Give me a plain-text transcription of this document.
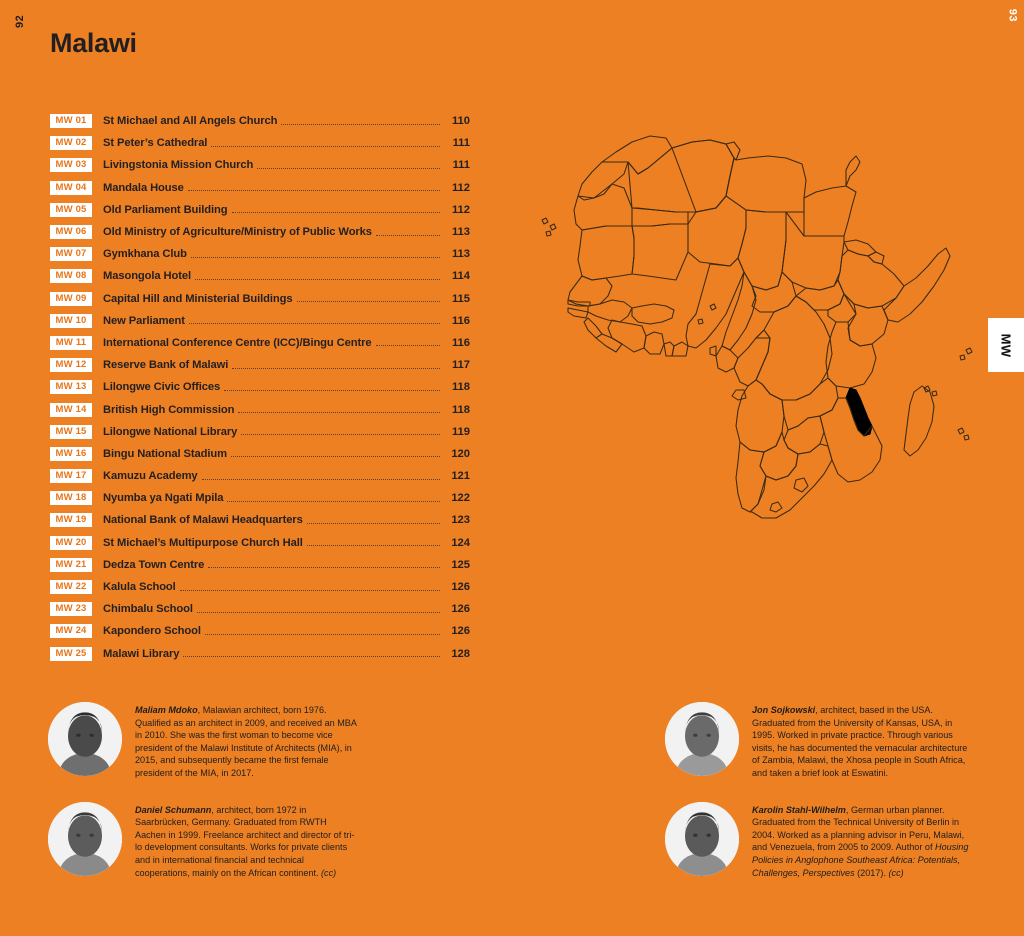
92	93
Malawi
MW 01	St Michael and All Angels Church	110
MW 02	St Peter’s Cathedral	111
MW 03	Livingstonia Mission Church	111
MW 04	Mandala House	112
MW 05	Old Parliament Building	112
MW 06	Old Ministry of Agriculture/Ministry of Public Works	113
MW 07	Gymkhana Club	113
MW 08	Masongola Hotel	114
MW 09	Capital Hill and Ministerial Buildings	115
MW 10	New Parliament	116
MW 11	International Conference Centre (ICC)/Bingu Centre	116
MW 12	Reserve Bank of Malawi	117
MW 13	Lilongwe Civic Offices	118
MW 14	British High Commission	118
MW 15	Lilongwe National Library	119
MW 16	Bingu National Stadium	120
MW 17	Kamuzu Academy	121
MW 18	Nyumba ya Ngati Mpila	122
MW 19	National Bank of Malawi Headquarters	123
MW 20	St Michael’s Multipurpose Church Hall	124
MW 21	Dedza Town Centre	125
MW 22	Kalula School	126
MW 23	Chimbalu School	126
MW 24	Kapondero School	126
MW 25	Malawi Library	128
MW
Maliam Mdoko, Malawian architect, born 1976. Qualified as an architect in 2009, and received an MBA in 2010. She was the first woman to become vice president of the Malawi Institute of Architects (MIA), in 2015, and subsequently became the first female president of the MIA, in 2017.
Daniel Schumann, architect, born 1972 in Saarbrücken, Germany. Graduated from RWTH Aachen in 1999. Freelance architect and director of tri-lo development consultants. Works for private clients and in international financial and technical cooperations, mainly on the African continent. (cc)
Jon Sojkowski, architect, based in the USA. Graduated from the University of Kansas, USA, in 1995. Worked in private practice. Through various visits, he has documented the vernacular architecture of Zambia, Malawi, the Xhosa people in South Africa, and taken a brief look at Eswatini.
Karolin Stahl-Wilhelm, German urban planner. Graduated from the Technical University of Berlin in 2004. Worked as a planning advisor in Peru, Malawi, and Venezuela, from 2005 to 2009. Author of Housing Policies in Anglophone Southeast Africa: Potentials, Challenges, Perspectives (2017). (cc)
